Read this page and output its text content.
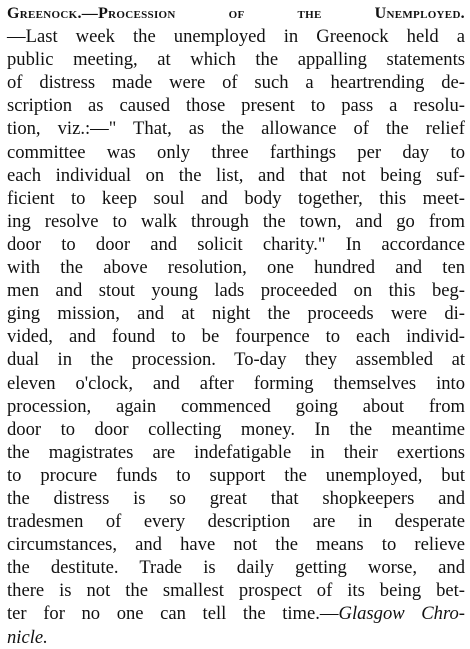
Greenock.—Procession of the Unemployed.
—Last week the unemployed in Greenock held a
public meeting, at which the appalling statements
of distress made were of such a heartrending de-
scription as caused those present to pass a resolu-
tion, viz.:—" That, as the allowance of the relief
committee was only three farthings per day to
each individual on the list, and that not being suf-
ficient to keep soul and body together, this meet-
ing resolve to walk through the town, and go from
door to door and solicit charity." In accordance
with the above resolution, one hundred and ten
men and stout young lads proceeded on this beg-
ging mission, and at night the proceeds were di-
vided, and found to be fourpence to each individ-
dual in the procession. To-day they assembled at
eleven o'clock, and after forming themselves into
procession, again commenced going about from
door to door collecting money. In the meantime
the magistrates are indefatigable in their exertions
to procure funds to support the unemployed, but
the distress is so great that shopkeepers and
tradesmen of every description are in desperate
circumstances, and have not the means to relieve
the destitute. Trade is daily getting worse, and
there is not the smallest prospect of its being bet-
ter for no one can tell the time.—Glasgow Chro-
nicle.
